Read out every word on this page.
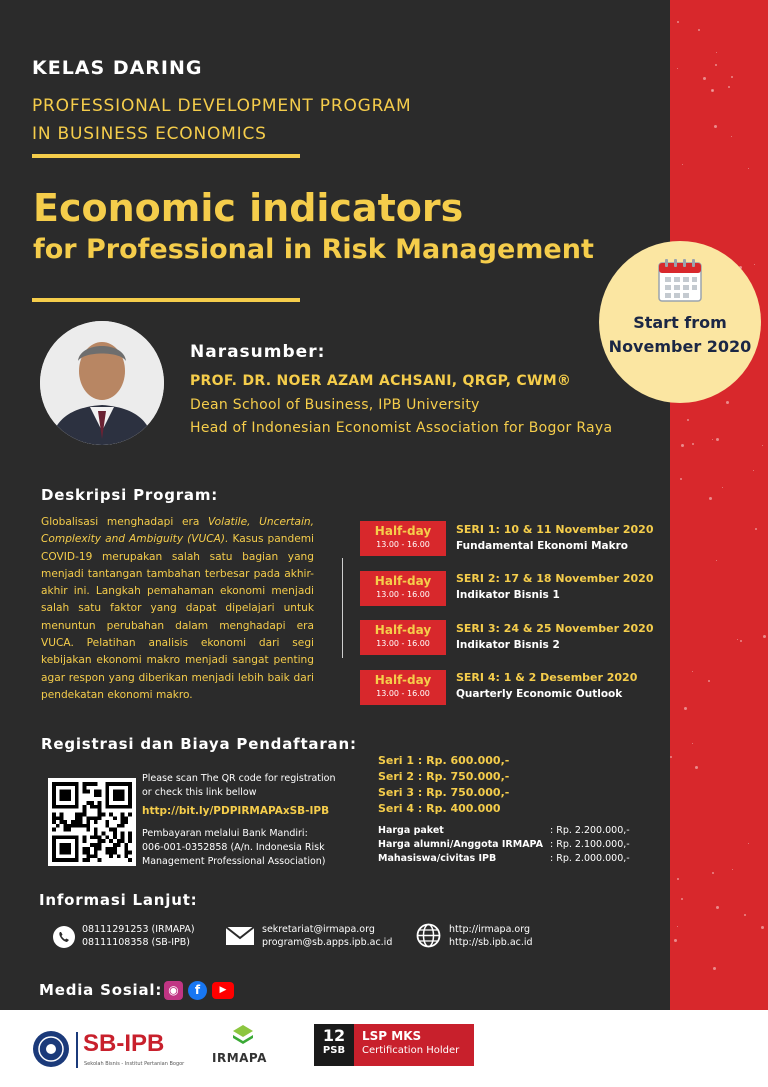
KELAS DARING
PROFESSIONAL DEVELOPMENT PROGRAM
IN BUSINESS ECONOMICS
Economic indicators
for Professional in Risk Management
Start from
November 2020
Narasumber:
PROF. DR. NOER AZAM ACHSANI, QRGP, CWM®
Dean School of Business, IPB University
Head of Indonesian Economist Association for Bogor Raya
Deskripsi Program:
Globalisasi menghadapi era Volatile, Uncertain, Complexity and Ambiguity (VUCA). Kasus pandemi COVID-19 merupakan salah satu bagian yang menjadi tantangan tambahan terbesar pada akhir-akhir ini. Langkah pemahaman ekonomi menjadi salah satu faktor yang dapat dipelajari untuk menuntun perubahan dalam menghadapi era VUCA. Pelatihan analisis ekonomi dari segi kebijakan ekonomi makro menjadi sangat penting agar respon yang diberikan menjadi lebih baik dari pendekatan ekonomi makro.
Half-day
13.00 - 16.00
SERI 1: 10 & 11 November 2020
Fundamental Ekonomi Makro
Half-day
13.00 - 16.00
SERI 2: 17 & 18 November 2020
Indikator Bisnis 1
Half-day
13.00 - 16.00
SERI 3: 24 & 25 November 2020
Indikator Bisnis 2
Half-day
13.00 - 16.00
SERI 4: 1 & 2 Desember 2020
Quarterly Economic Outlook
Registrasi dan Biaya Pendaftaran:
Please scan The QR code for registration
or check this link bellow
http://bit.ly/PDPIRMAPAxSB-IPB
Pembayaran melalui Bank Mandiri:
006-001-0352858 (A/n. Indonesia Risk
Management Professional Association)
Seri 1 : Rp. 600.000,-
Seri 2 : Rp. 750.000,-
Seri 3 : Rp. 750.000,-
Seri 4 : Rp. 400.000
Harga paket
Harga alumni/Anggota IRMAPA
Mahasiswa/civitas IPB
: Rp. 2.200.000,-
: Rp. 2.100.000,-
: Rp. 2.000.000,-
Informasi Lanjut:
08111291253 (IRMAPA)
08111108358 (SB-IPB)
sekretariat@irmapa.org
program@sb.apps.ipb.ac.id
http://irmapa.org
http://sb.ipb.ac.id
Media Sosial: ◉	f	▶
SB-IPB
Sekolah Bisnis - Institut Pertanian Bogor IRMAPA
12
PSB
LSP MKS
Certification Holder
